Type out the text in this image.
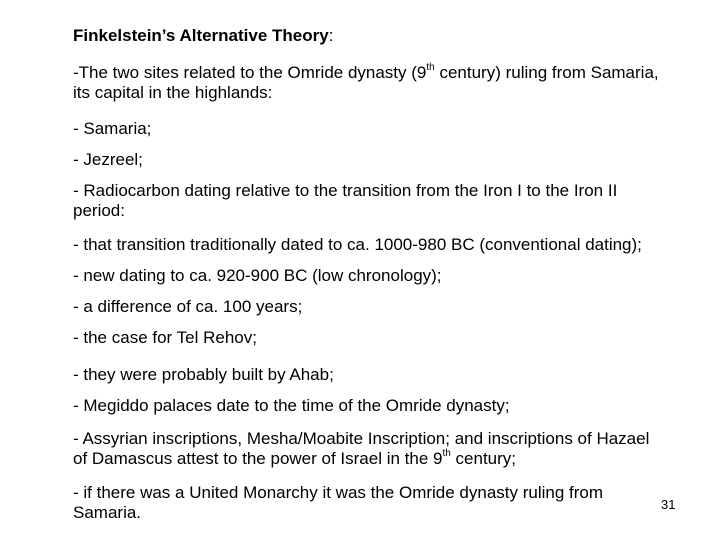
Finkelstein’s Alternative Theory:

-The two sites related to the Omride dynasty (9th century) ruling from Samaria, its capital in the highlands:

- Samaria;

- Jezreel;

- Radiocarbon dating relative to the transition from the Iron I to the Iron II period:

- that transition traditionally dated to ca. 1000-980 BC (conventional dating);

- new dating to ca. 920-900 BC (low chronology);

- a difference of ca. 100 years;

- the case for Tel Rehov;

- they were probably built by Ahab;

- Megiddo palaces date to the time of the Omride dynasty;

- Assyrian inscriptions, Mesha/Moabite Inscription; and inscriptions of Hazael of Damascus attest to the power of Israel in the 9th century;

- if there was a United Monarchy it was the Omride dynasty ruling from Samaria.	31
